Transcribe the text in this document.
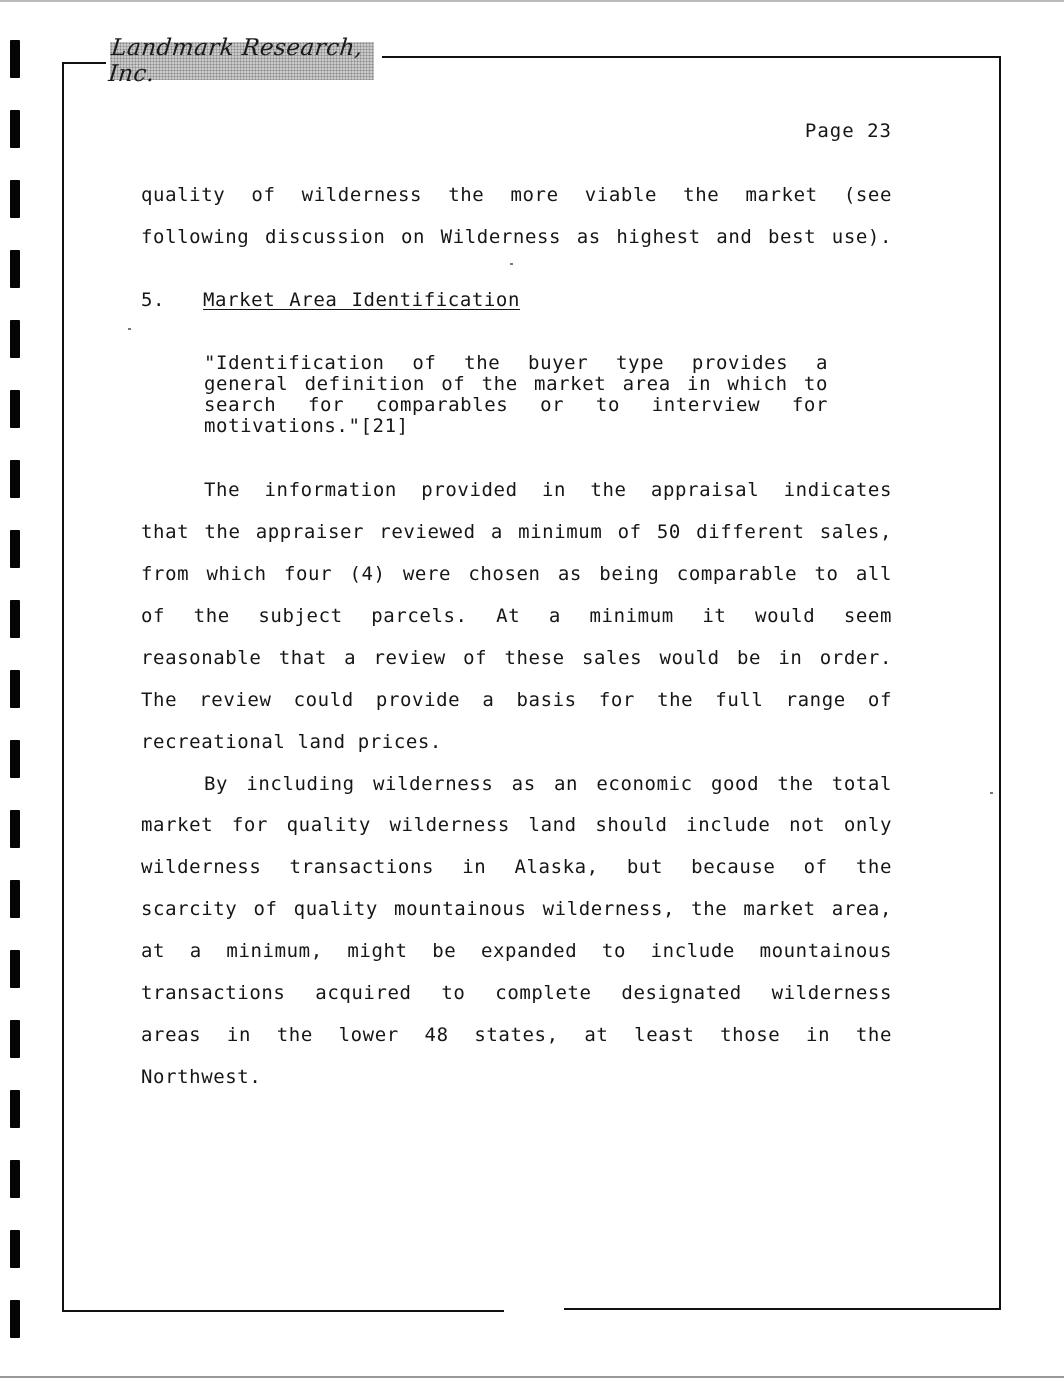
Landmark Research, Inc.
Page 23
quality of wilderness the more viable the market (see
following discussion on Wilderness as highest and best use).
5. Market Area Identification
"Identification of the buyer type provides a
general definition of the market area in which to
search for comparables or to interview for
motivations."[21]
The information provided in the appraisal indicates
that the appraiser reviewed a minimum of 50 different sales,
from which four (4) were chosen as being comparable to all
of the subject parcels. At a minimum it would seem
reasonable that a review of these sales would be in order.
The review could provide a basis for the full range of
recreational land prices.
By including wilderness as an economic good the total
market for quality wilderness land should include not only
wilderness transactions in Alaska, but because of the
scarcity of quality mountainous wilderness, the market area,
at a minimum, might be expanded to include mountainous
transactions acquired to complete designated wilderness
areas in the lower 48 states, at least those in the
Northwest.
